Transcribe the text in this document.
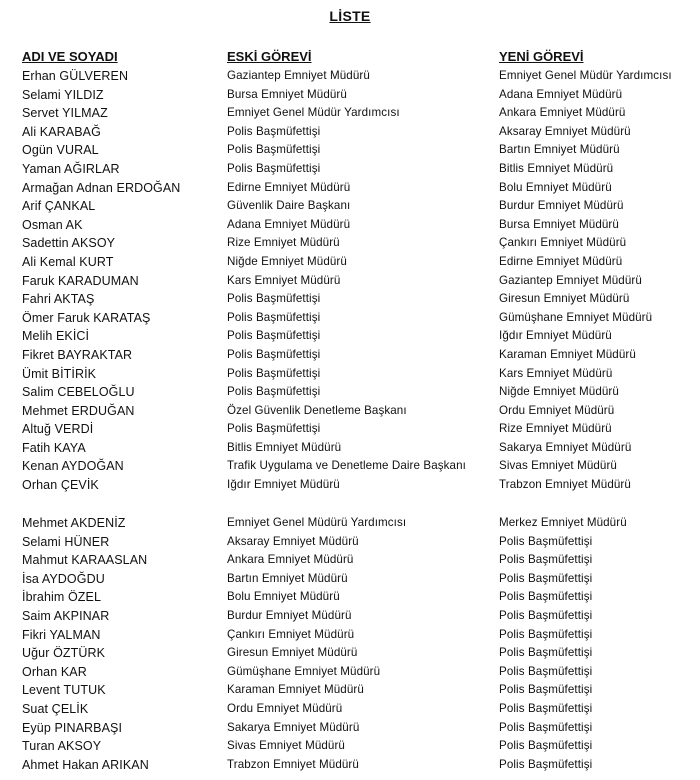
LİSTE
ADI VE SOYADI	ESKİ GÖREVİ	YENİ GÖREVİ
Erhan GÜLVEREN	Gaziantep Emniyet Müdürü	Emniyet Genel Müdür Yardımcısı
Selami YILDIZ	Bursa Emniyet Müdürü	Adana Emniyet Müdürü
Servet YILMAZ	Emniyet Genel Müdür Yardımcısı	Ankara Emniyet Müdürü
Ali KARABAĞ	Polis Başmüfettişi	Aksaray Emniyet Müdürü
Ogün VURAL	Polis Başmüfettişi	Bartın Emniyet Müdürü
Yaman AĞIRLAR	Polis Başmüfettişi	Bitlis Emniyet Müdürü
Armağan Adnan ERDOĞAN	Edirne Emniyet Müdürü	Bolu Emniyet Müdürü
Arif ÇANKAL	Güvenlik Daire Başkanı	Burdur Emniyet Müdürü
Osman AK	Adana Emniyet Müdürü	Bursa Emniyet Müdürü
Sadettin AKSOY	Rize Emniyet Müdürü	Çankırı Emniyet Müdürü
Ali Kemal KURT	Niğde Emniyet Müdürü	Edirne Emniyet Müdürü
Faruk KARADUMAN	Kars Emniyet Müdürü	Gaziantep Emniyet Müdürü
Fahri AKTAŞ	Polis Başmüfettişi	Giresun Emniyet Müdürü
Ömer Faruk KARATAŞ	Polis Başmüfettişi	Gümüşhane Emniyet Müdürü
Melih EKİCİ	Polis Başmüfettişi	Iğdır Emniyet Müdürü
Fikret BAYRAKTAR	Polis Başmüfettişi	Karaman Emniyet Müdürü
Ümit BİTİRİK	Polis Başmüfettişi	Kars Emniyet Müdürü
Salim CEBELOĞLU	Polis Başmüfettişi	Niğde Emniyet Müdürü
Mehmet ERDUĞAN	Özel Güvenlik Denetleme Başkanı	Ordu Emniyet Müdürü
Altuğ VERDİ	Polis Başmüfettişi	Rize Emniyet Müdürü
Fatih KAYA	Bitlis Emniyet Müdürü	Sakarya Emniyet Müdürü
Kenan AYDOĞAN	Trafik Uygulama ve Denetleme Daire Başkanı	Sivas Emniyet Müdürü
Orhan ÇEVİK	Iğdır Emniyet Müdürü	Trabzon Emniyet Müdürü
Mehmet AKDENİZ	Emniyet Genel Müdürü Yardımcısı	Merkez Emniyet Müdürü
Selami HÜNER	Aksaray Emniyet Müdürü	Polis Başmüfettişi
Mahmut KARAASLAN	Ankara Emniyet Müdürü	Polis Başmüfettişi
İsa AYDOĞDU	Bartın Emniyet Müdürü	Polis Başmüfettişi
İbrahim ÖZEL	Bolu Emniyet Müdürü	Polis Başmüfettişi
Saim AKPINAR	Burdur Emniyet Müdürü	Polis Başmüfettişi
Fikri YALMAN	Çankırı Emniyet Müdürü	Polis Başmüfettişi
Uğur ÖZTÜRK	Giresun Emniyet Müdürü	Polis Başmüfettişi
Orhan KAR	Gümüşhane Emniyet Müdürü	Polis Başmüfettişi
Levent TUTUK	Karaman Emniyet Müdürü	Polis Başmüfettişi
Suat ÇELİK	Ordu Emniyet Müdürü	Polis Başmüfettişi
Eyüp PINARBAŞI	Sakarya Emniyet Müdürü	Polis Başmüfettişi
Turan AKSOY	Sivas Emniyet Müdürü	Polis Başmüfettişi
Ahmet Hakan ARIKAN	Trabzon Emniyet Müdürü	Polis Başmüfettişi
